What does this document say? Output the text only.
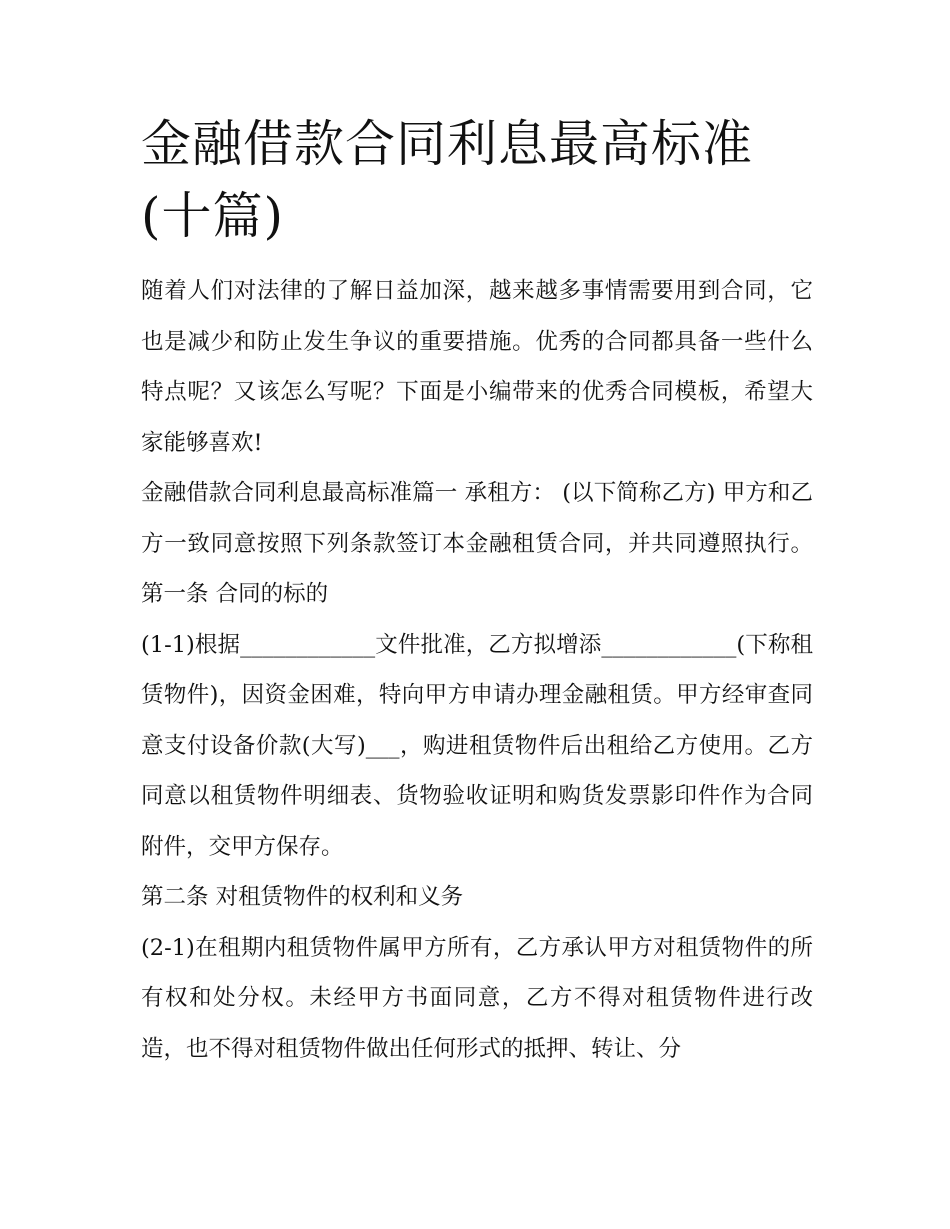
金融借款合同利息最高标准(十篇)

随着人们对法律的了解日益加深，越来越多事情需要用到合同，它也是减少和防止发生争议的重要措施。优秀的合同都具备一些什么特点呢？又该怎么写呢？下面是小编带来的优秀合同模板，希望大家能够喜欢!

金融借款合同利息最高标准篇一 承租方： (以下简称乙方) 甲方和乙方一致同意按照下列条款签订本金融租赁合同，并共同遵照执行。 第一条 合同的标的

(1-1)根据____________文件批准，乙方拟增添____________(下称租赁物件)，因资金困难，特向甲方申请办理金融租赁。甲方经审查同意支付设备价款(大写)___，购进租赁物件后出租给乙方使用。乙方同意以租赁物件明细表、货物验收证明和购货发票影印件作为合同附件，交甲方保存。

第二条 对租赁物件的权利和义务

(2-1)在租期内租赁物件属甲方所有，乙方承认甲方对租赁物件的所有权和处分权。未经甲方书面同意，乙方不得对租赁物件进行改造，也不得对租赁物件做出任何形式的抵押、转让、分
